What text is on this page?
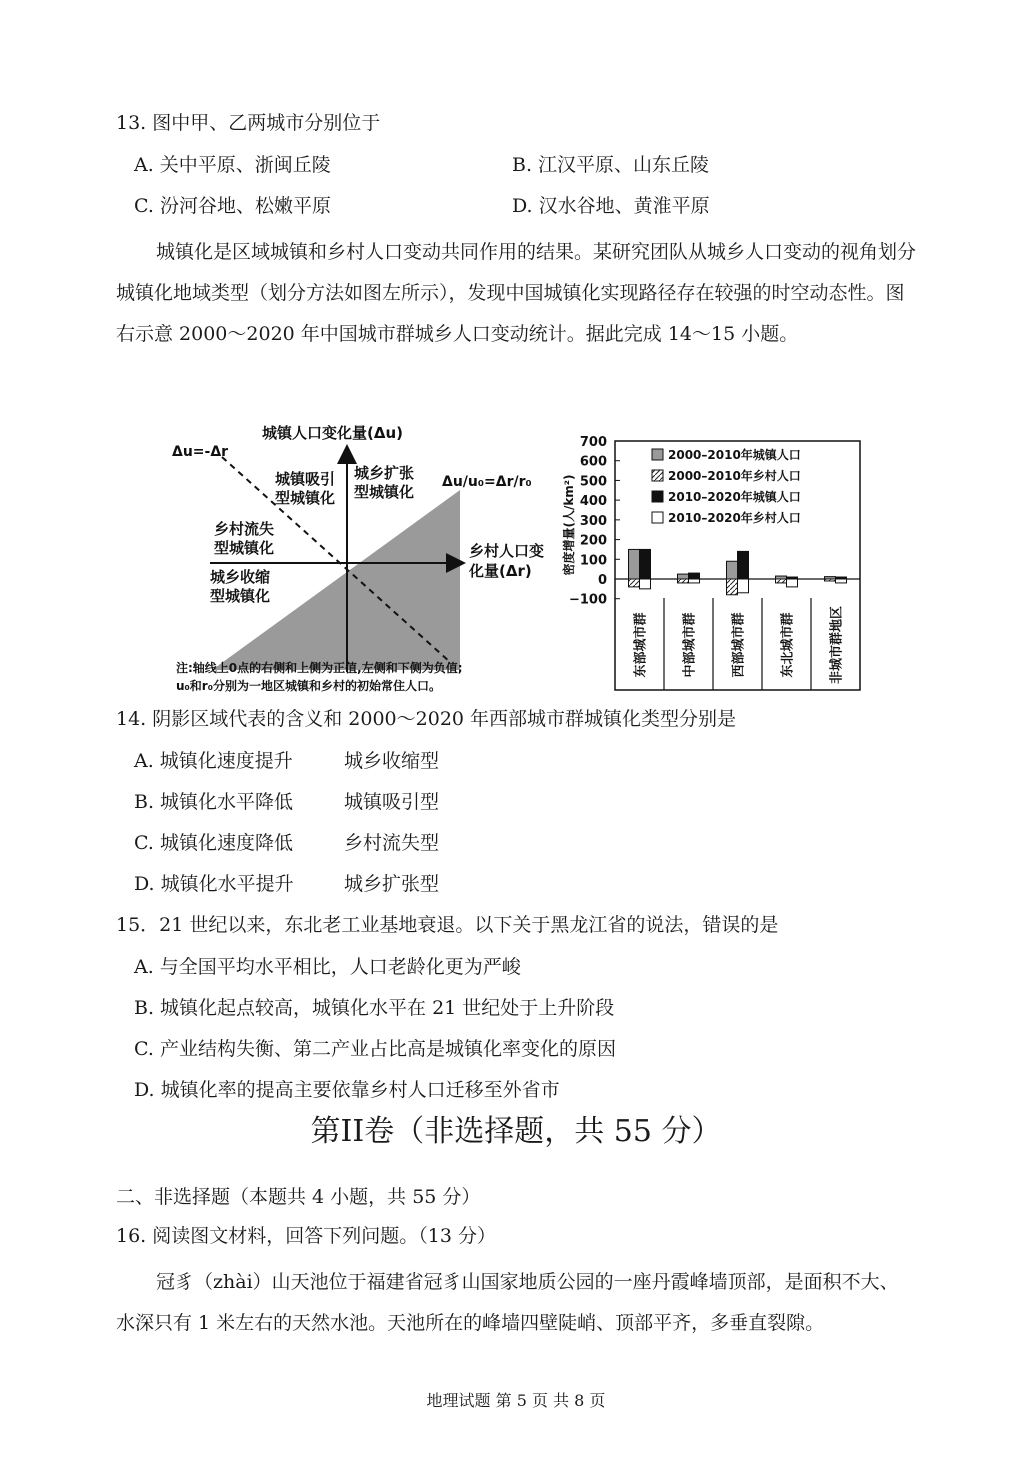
13. 图中甲、乙两城市分别位于
A. 关中平原、浙闽丘陵	B. 江汉平原、山东丘陵
C. 汾河谷地、松嫩平原	D. 汉水谷地、黄淮平原
城镇化是区域城镇和乡村人口变动共同作用的结果。某研究团队从城乡人口变动的视角划分城镇化地域类型（划分方法如图左所示），发现中国城镇化实现路径存在较强的时空动态性。图右示意 2000～2020 年中国城市群城乡人口变动统计。据此完成 14～15 小题。
城镇人口变化量(Δu)
Δu=-Δr
Δu/u₀=Δr/r₀
城镇吸引
型城镇化
城乡扩张
型城镇化
乡村流失
型城镇化	乡村人口变
化量(Δr)
城乡收缩
型城镇化
注:轴线上0点的右侧和上侧为正值,左侧和下侧为负值;
u₀和r₀分别为一地区城镇和乡村的初始常住人口。
700
600
500
400
300
200
100
0
−100
密度增量(人/km²)
2000–2010年城镇人口
2000–2010年乡村人口
2010–2020年城镇人口
2010–2020年乡村人口
东部城市群	中部城市群	西部城市群	东北城市群	非城市群地区
14. 阴影区域代表的含义和 2000～2020 年西部城市群城镇化类型分别是
A. 城镇化速度提升	城乡收缩型
B. 城镇化水平降低	城镇吸引型
C. 城镇化速度降低	乡村流失型
D. 城镇化水平提升	城乡扩张型
15．21 世纪以来，东北老工业基地衰退。以下关于黑龙江省的说法，错误的是
A. 与全国平均水平相比，人口老龄化更为严峻
B. 城镇化起点较高，城镇化水平在 21 世纪处于上升阶段
C. 产业结构失衡、第二产业占比高是城镇化率变化的原因
D. 城镇化率的提高主要依靠乡村人口迁移至外省市
第II卷（非选择题，共 55 分）
二、非选择题（本题共 4 小题，共 55 分）
16. 阅读图文材料，回答下列问题。（13 分）
冠豸（zhài）山天池位于福建省冠豸山国家地质公园的一座丹霞峰墙顶部，是面积不大、水深只有 1 米左右的天然水池。天池所在的峰墙四壁陡峭、顶部平齐，多垂直裂隙。
地理试题 第 5 页 共 8 页
